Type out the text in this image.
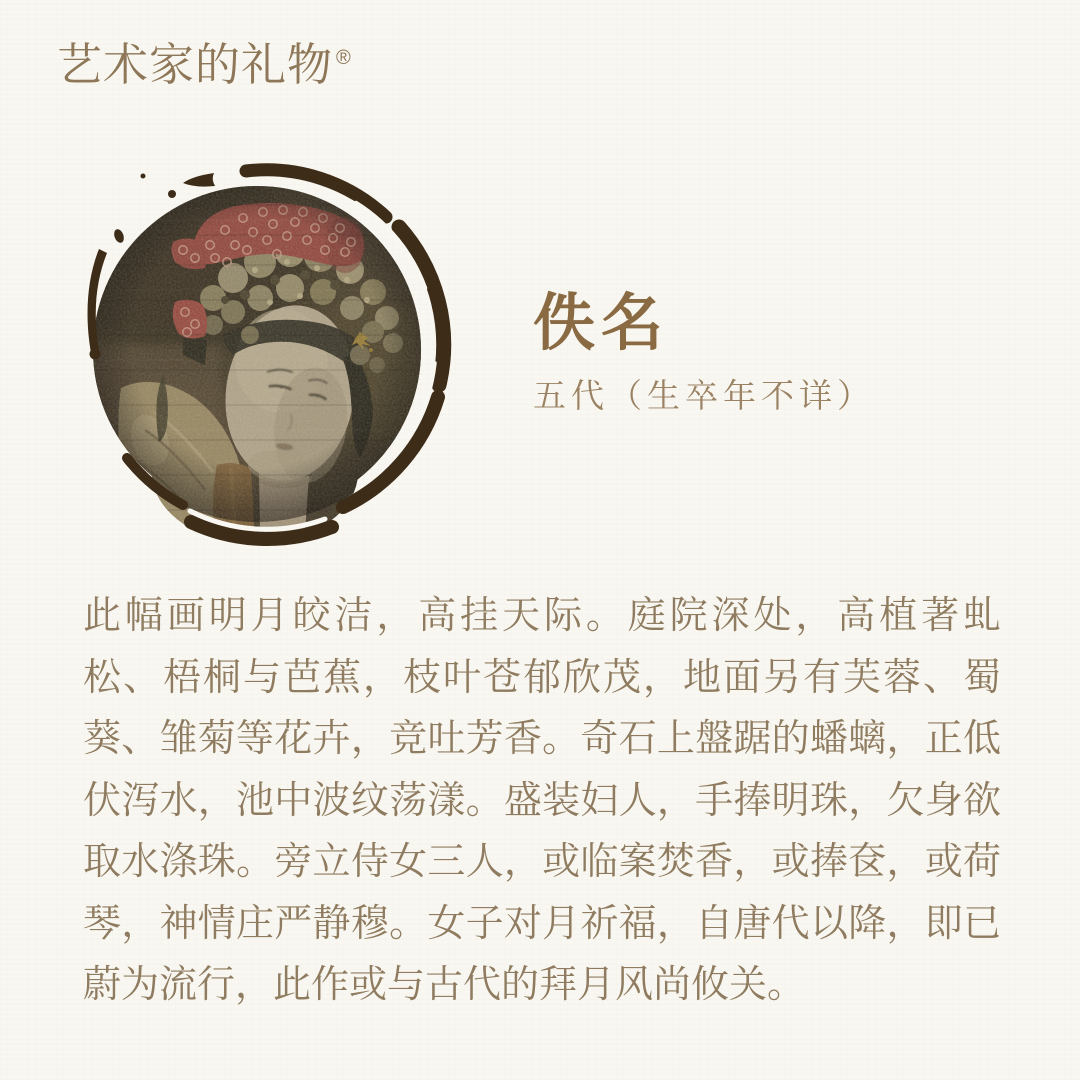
艺术家的礼物 ®
佚名
五代（生卒年不详）

此幅画明月皎洁，高挂天际。庭院深处，高植著虬

松、梧桐与芭蕉，枝叶苍郁欣茂，地面另有芙蓉、蜀

葵、雏菊等花卉，竞吐芳香。奇石上盤踞的蟠螭，正低

伏泻水，池中波纹荡漾。盛装妇人，手捧明珠，欠身欲

取水涤珠。旁立侍女三人，或临案焚香，或捧奁，或荷

琴，神情庄严静穆。女子对月祈福，自唐代以降，即已

蔚为流行，此作或与古代的拜月风尚攸关。
